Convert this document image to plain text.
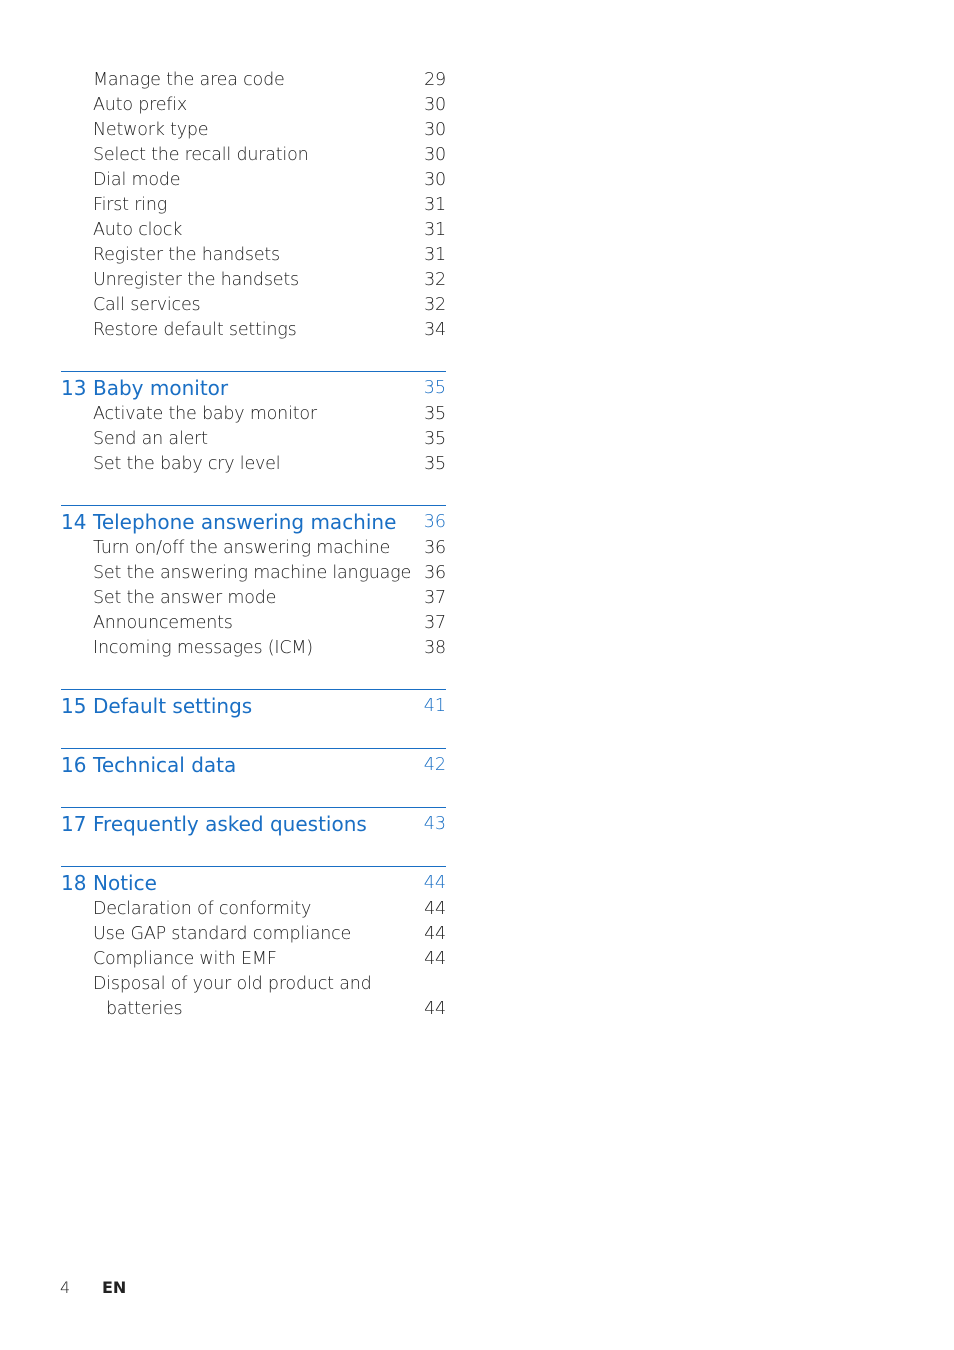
Manage the area code	29
Auto prefix	30
Network type	30
Select the recall duration	30
Dial mode	30
First ring	31
Auto clock	31
Register the handsets	31
Unregister the handsets	32
Call services	32
Restore default settings	34
13 Baby monitor	35
Activate the baby monitor	35
Send an alert	35
Set the baby cry level	35
14 Telephone answering machine 36
Turn on/off the answering machine 36
Set the answering machine language 36
Set the answer mode	37
Announcements	37
Incoming messages (ICM)	38
15 Default settings	41
16 Technical data	42
17 Frequently asked questions	43
18 Notice	44
Declaration of conformity	44
Use GAP standard compliance	44
Compliance with EMF	44
Disposal of your old product and
batteries	44
4 EN
